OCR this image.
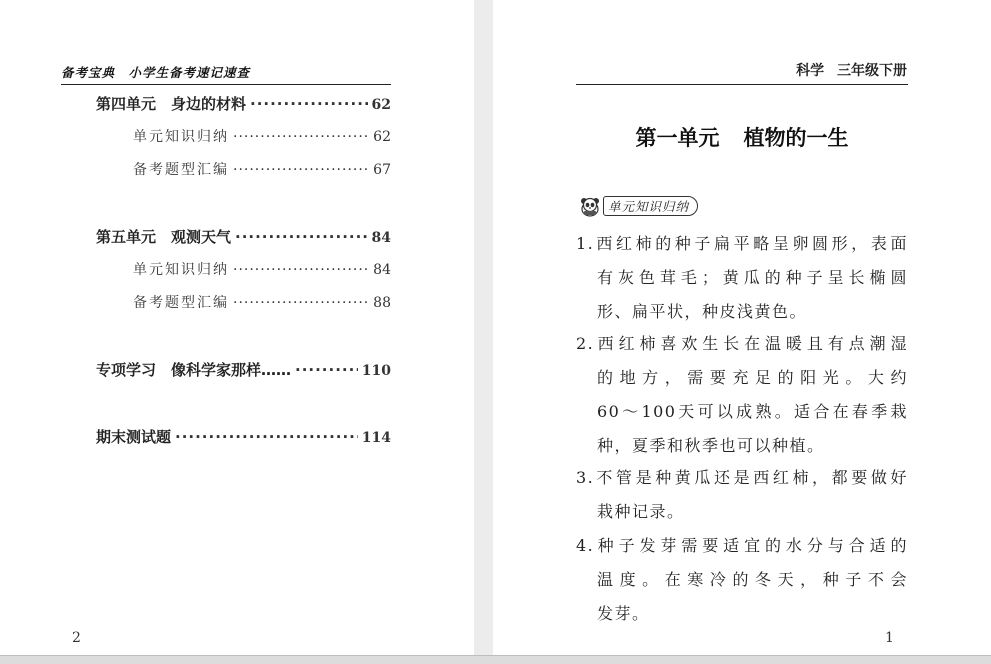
备考宝典　小学生备考速记速查
第四单元　身边的材料 ·····	62
单元知识归纳 ·····	62
备考题型汇编 ·····	67
第五单元　观测天气 ·····	84
单元知识归纳 ·····	84
备考题型汇编 ·····	88
专项学习　像科学家那样…… ·····	110
期末测试题 ·····	114
2
科学 三年级下册
第一单元 植物的一生
单元知识归纳
1.西红柿的种子扁平略呈卵圆形，表面
有灰色茸毛；黄瓜的种子呈长椭圆
形、扁平状，种皮浅黄色。
2.西红柿喜欢生长在温暖且有点潮湿
的地方，需要充足的阳光。大约
60～100天可以成熟。适合在春季栽
种，夏季和秋季也可以种植。
3.不管是种黄瓜还是西红柿，都要做好
栽种记录。
4.种子发芽需要适宜的水分与合适的
温度。在寒冷的冬天，种子不会
发芽。
1
